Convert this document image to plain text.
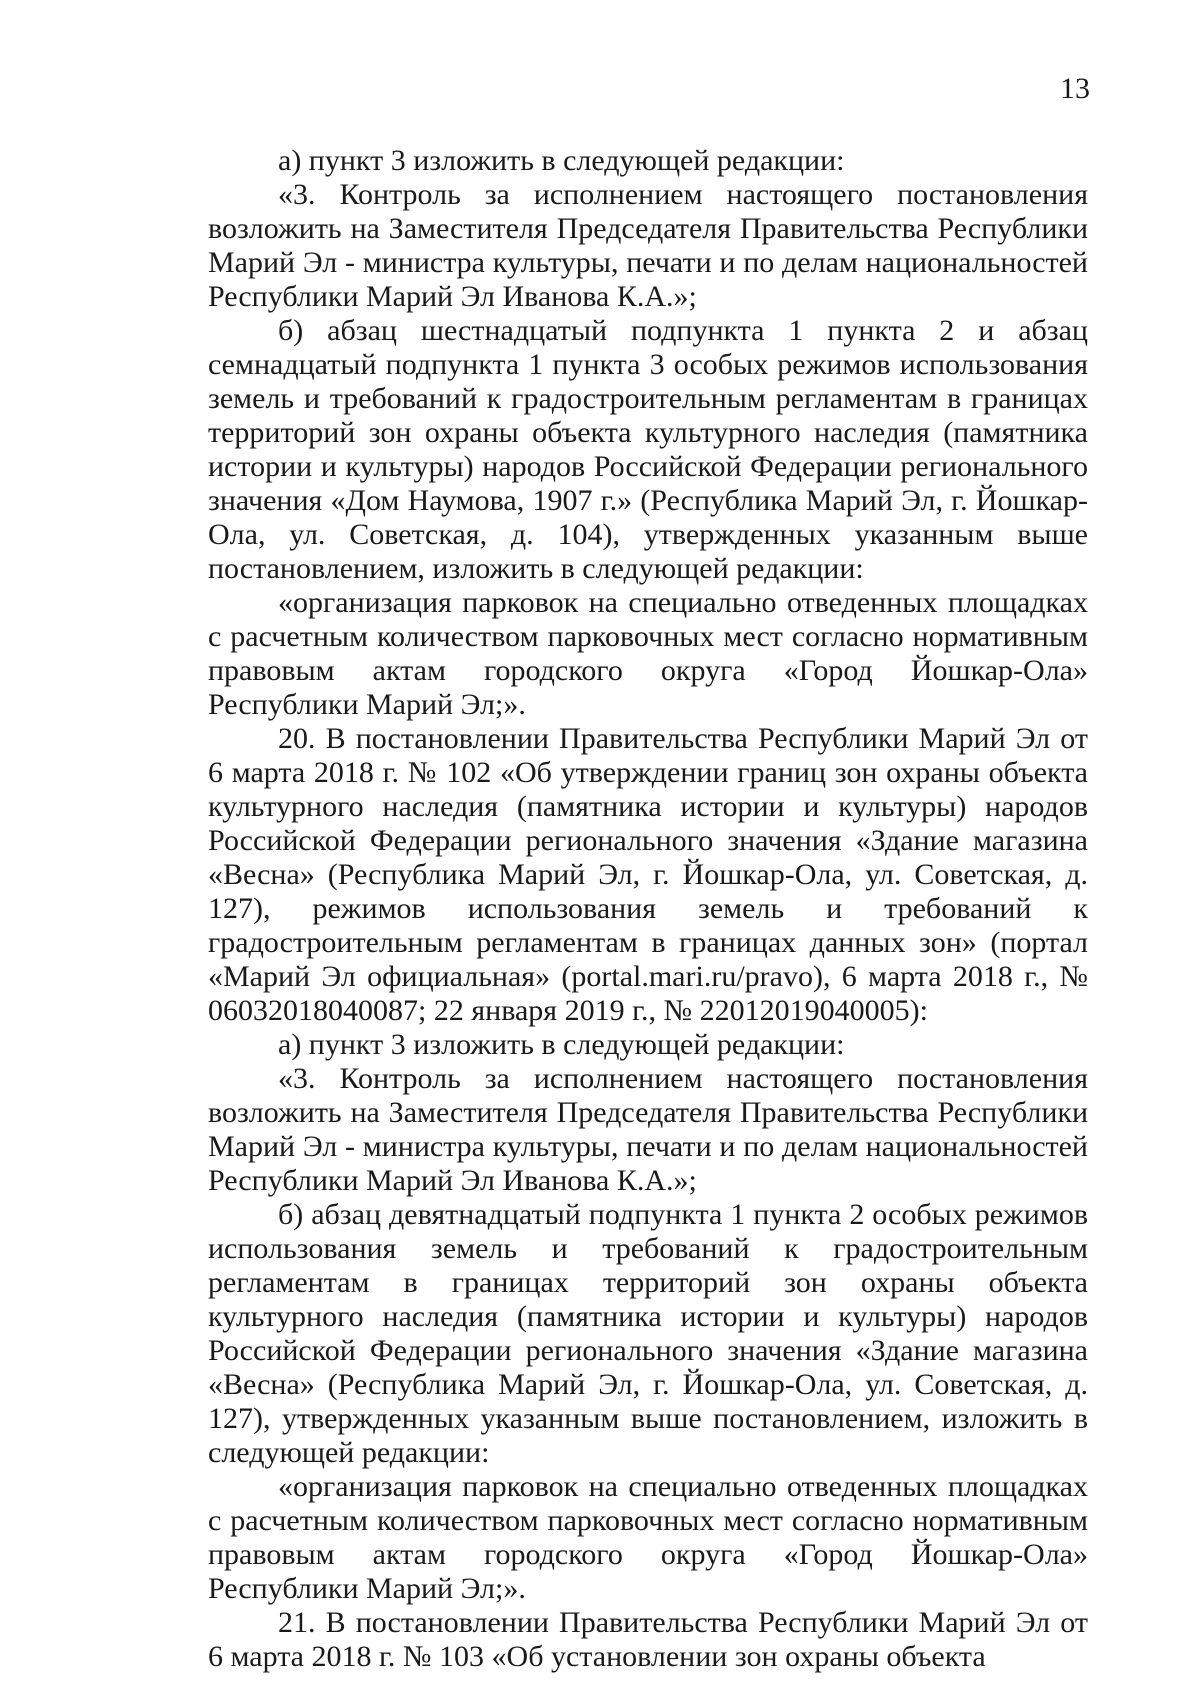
13

а) пункт 3 изложить в следующей редакции:

«3. Контроль за исполнением настоящего постановления возложить на Заместителя Председателя Правительства Республики Марий Эл - министра культуры, печати и по делам национальностей Республики Марий Эл Иванова К.А.»;

б) абзац шестнадцатый подпункта 1 пункта 2 и абзац семнадцатый подпункта 1 пункта 3 особых режимов использования земель и требований к градостроительным регламентам в границах территорий зон охраны объекта культурного наследия (памятника истории и культуры) народов Российской Федерации регионального значения «Дом Наумова, 1907 г.» (Республика Марий Эл, г. Йошкар-Ола, ул. Советская, д. 104), утвержденных указанным выше постановлением, изложить в следующей редакции:

«организация парковок на специально отведенных площадках с расчетным количеством парковочных мест согласно нормативным правовым актам городского округа «Город Йошкар-Ола» Республики Марий Эл;».

20. В постановлении Правительства Республики Марий Эл от 6 марта 2018 г. № 102 «Об утверждении границ зон охраны объекта культурного наследия (памятника истории и культуры) народов Российской Федерации регионального значения «Здание магазина «Весна» (Республика Марий Эл, г. Йошкар-Ола, ул. Советская, д. 127), режимов использования земель и требований к градостроительным регламентам в границах данных зон» (портал «Марий Эл официальная» (portal.mari.ru/pravo), 6 марта 2018 г., № 06032018040087; 22 января 2019 г., № 22012019040005):

а) пункт 3 изложить в следующей редакции:

«3. Контроль за исполнением настоящего постановления возложить на Заместителя Председателя Правительства Республики Марий Эл - министра культуры, печати и по делам национальностей Республики Марий Эл Иванова К.А.»;

б) абзац девятнадцатый подпункта 1 пункта 2 особых режимов использования земель и требований к градостроительным регламентам в границах территорий зон охраны объекта культурного наследия (памятника истории и культуры) народов Российской Федерации регионального значения «Здание магазина «Весна» (Республика Марий Эл, г. Йошкар-Ола, ул. Советская, д. 127), утвержденных указанным выше постановлением, изложить в следующей редакции:

«организация парковок на специально отведенных площадках с расчетным количеством парковочных мест согласно нормативным правовым актам городского округа «Город Йошкар-Ола» Республики Марий Эл;».

21. В постановлении Правительства Республики Марий Эл от 6 марта 2018 г. № 103 «Об установлении зон охраны объекта
